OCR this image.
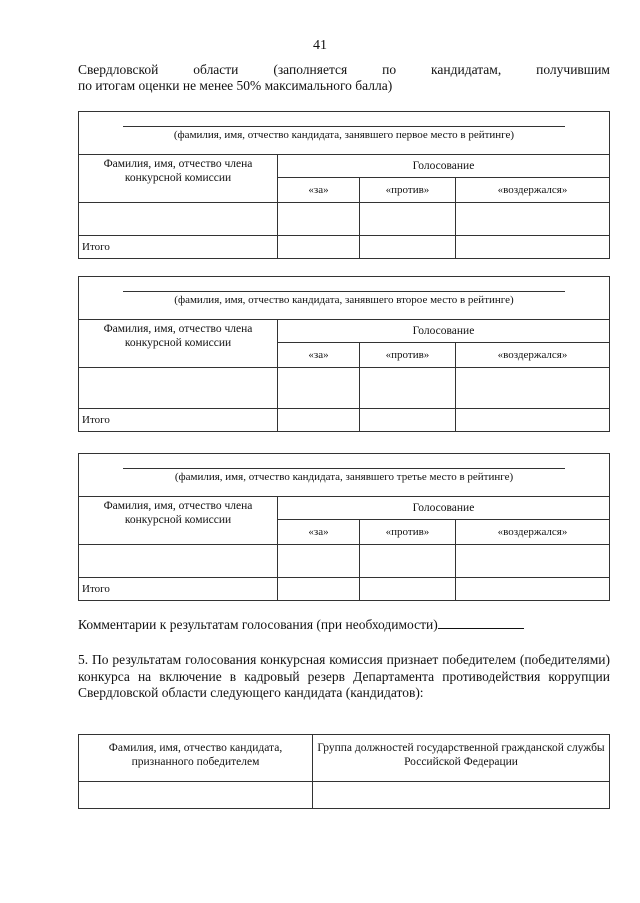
41
Свердловской	области	(заполняется	по	кандидатам,	получившим
по итогам оценки не менее 50% максимального балла)
(фамилия, имя, отчество кандидата, занявшего первое место в рейтинге)			

Фамилия, имя, отчество члена конкурсной комиссии	Голосование		
	«за»	«против»	«воздержался»

Итого			
(фамилия, имя, отчество кандидата, занявшего второе место в рейтинге)			

Фамилия, имя, отчество члена конкурсной комиссии	Голосование		
	«за»	«против»	«воздержался»

Итого			
(фамилия, имя, отчество кандидата, занявшего третье место в рейтинге)			

Фамилия, имя, отчество члена конкурсной комиссии	Голосование		
	«за»	«против»	«воздержался»

Итого			
Комментарии к результатам голосования (при необходимости)
5. По результатам голосования конкурсная комиссия признает победителем (победителями) конкурса на включение в кадровый резерв Департамента противодействия коррупции Свердловской области следующего кандидата (кандидатов):
Фамилия, имя, отчество кандидата, признанного победителем	Группа должностей государственной гражданской службы Российской Федерации
